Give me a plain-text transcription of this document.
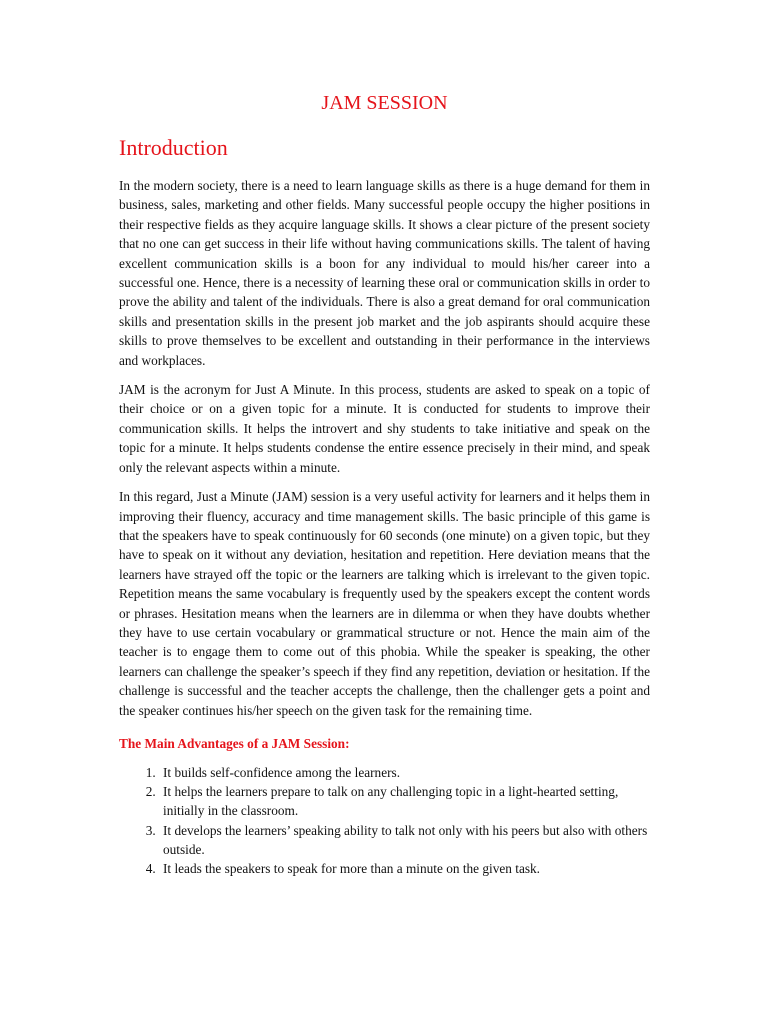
JAM SESSION
Introduction

In the modern society, there is a need to learn language skills as there is a huge demand for them in business, sales, marketing and other fields. Many successful people occupy the higher positions in their respective fields as they acquire language skills. It shows a clear picture of the present society that no one can get success in their life without having communications skills. The talent of having excellent communication skills is a boon for any individual to mould his/her career into a successful one. Hence, there is a necessity of learning these oral or communication skills in order to prove the ability and talent of the individuals. There is also a great demand for oral communication skills and presentation skills in the present job market and the job aspirants should acquire these skills to prove themselves to be excellent and outstanding in their performance in the interviews and workplaces.

JAM is the acronym for Just A Minute. In this process, students are asked to speak on a topic of their choice or on a given topic for a minute. It is conducted for students to improve their communication skills. It helps the introvert and shy students to take initiative and speak on the topic for a minute. It helps students condense the entire essence precisely in their mind, and speak only the relevant aspects within a minute.

In this regard, Just a Minute (JAM) session is a very useful activity for learners and it helps them in improving their fluency, accuracy and time management skills. The basic principle of this game is that the speakers have to speak continuously for 60 seconds (one minute) on a given topic, but they have to speak on it without any deviation, hesitation and repetition. Here deviation means that the learners have strayed off the topic or the learners are talking which is irrelevant to the given topic. Repetition means the same vocabulary is frequently used by the speakers except the content words or phrases. Hesitation means when the learners are in dilemma or when they have doubts whether they have to use certain vocabulary or grammatical structure or not. Hence the main aim of the teacher is to engage them to come out of this phobia. While the speaker is speaking, the other learners can challenge the speaker’s speech if they find any repetition, deviation or hesitation. If the challenge is successful and the teacher accepts the challenge, then the challenger gets a point and the speaker continues his/her speech on the given task for the remaining time.

The Main Advantages of a JAM Session:
1. It builds self-confidence among the learners.
2. It helps the learners prepare to talk on any challenging topic in a light-hearted setting, initially in the classroom.
3. It develops the learners’ speaking ability to talk not only with his peers but also with others outside.
4. It leads the speakers to speak for more than a minute on the given task.
